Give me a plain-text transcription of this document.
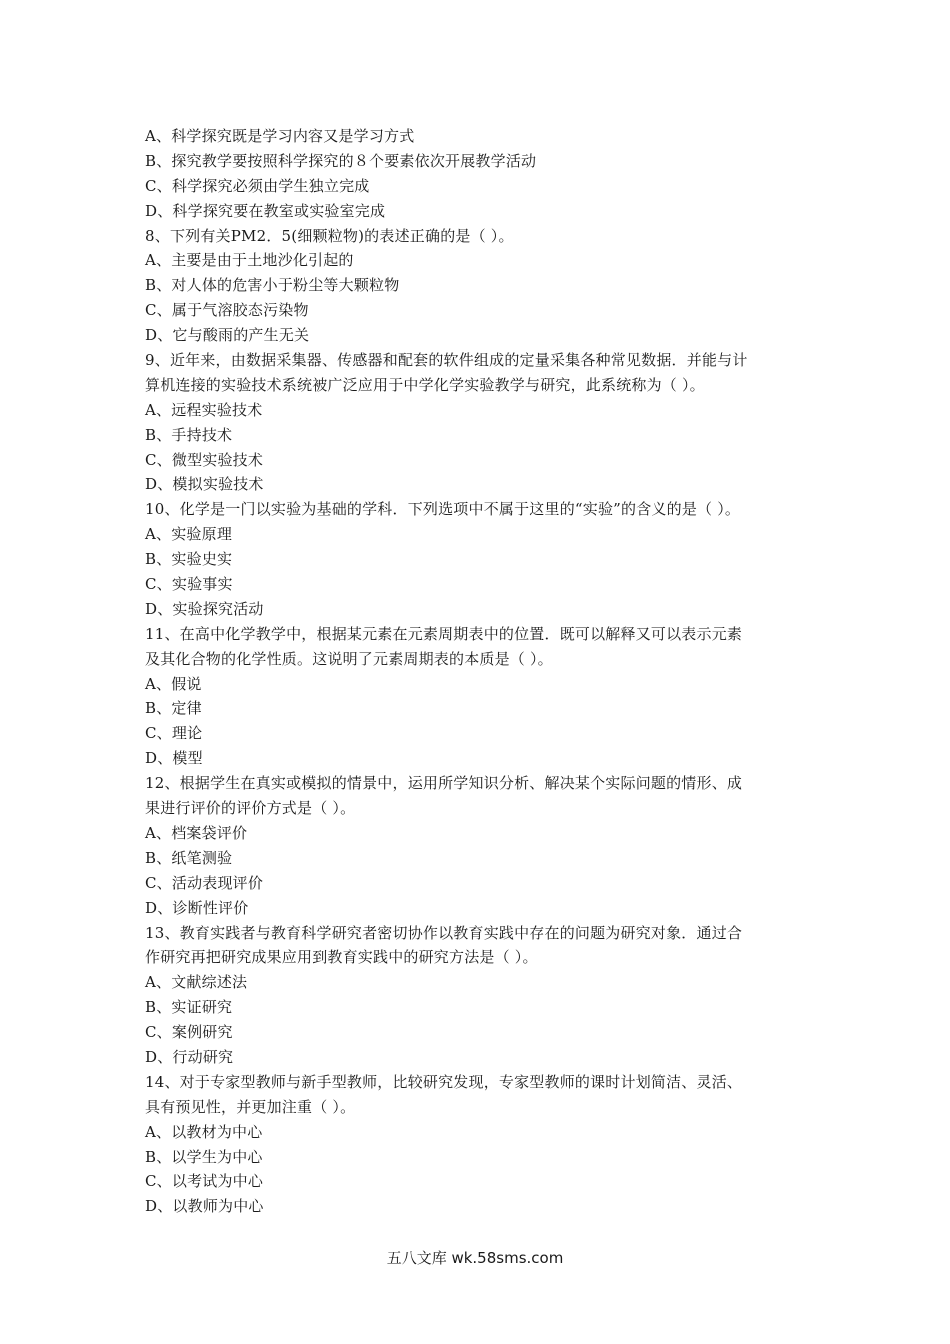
A、科学探究既是学习内容又是学习方式
B、探究教学要按照科学探究的８个要素依次开展教学活动
C、科学探究必须由学生独立完成
D、科学探究要在教室或实验室完成
8、下列有关PM2．5(细颗粒物)的表述正确的是（ ）。
A、主要是由于土地沙化引起的
B、对人体的危害小于粉尘等大颗粒物
C、属于气溶胶态污染物
D、它与酸雨的产生无关
9、近年来，由数据采集器、传感器和配套的软件组成的定量采集各种常见数据．并能与计
算机连接的实验技术系统被广泛应用于中学化学实验教学与研究，此系统称为（ ）。
A、远程实验技术
B、手持技术
C、微型实验技术
D、模拟实验技术
10、化学是一门以实验为基础的学科．下列选项中不属于这里的“实验”的含义的是（ ）。
A、实验原理
B、实验史实
C、实验事实
D、实验探究活动
11、在高中化学教学中，根据某元素在元素周期表中的位置．既可以解释又可以表示元素
及其化合物的化学性质。这说明了元素周期表的本质是（ ）。
A、假说
B、定律
C、理论
D、模型
12、根据学生在真实或模拟的情景中，运用所学知识分析、解决某个实际问题的情形、成
果进行评价的评价方式是（ ）。
A、档案袋评价
B、纸笔测验
C、活动表现评价
D、诊断性评价
13、教育实践者与教育科学研究者密切协作以教育实践中存在的问题为研究对象．通过合
作研究再把研究成果应用到教育实践中的研究方法是（ ）。
A、文献综述法
B、实证研究
C、案例研究
D、行动研究
14、对于专家型教师与新手型教师，比较研究发现，专家型教师的课时计划简洁、灵活、
具有预见性，并更加注重（ ）。
A、以教材为中心
B、以学生为中心
C、以考试为中心
D、以教师为中心
五八文库 wk.58sms.com
